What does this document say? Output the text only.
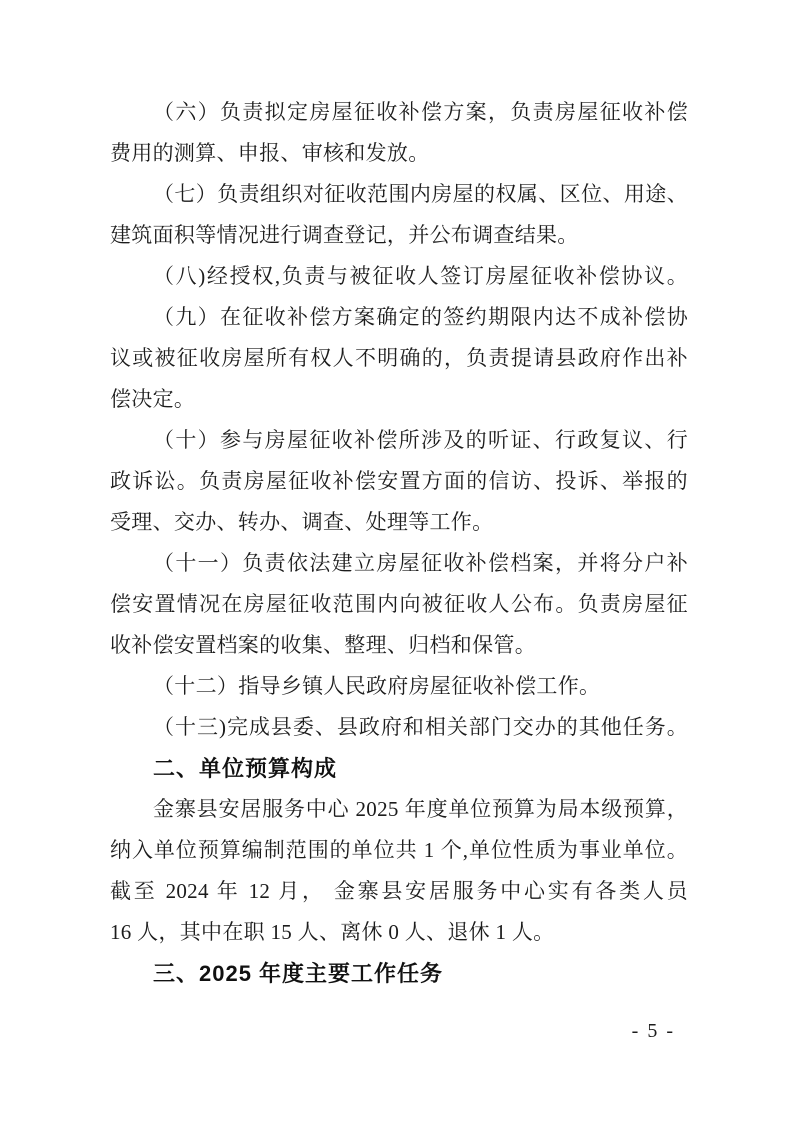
（六）负责拟定房屋征收补偿方案，负责房屋征收补偿
费用的测算、申报、审核和发放。
（七）负责组织对征收范围内房屋的权属、区位、用途、
建筑面积等情况进行调查登记，并公布调查结果。
（八)经授权,负责与被征收人签订房屋征收补偿协议。
（九）在征收补偿方案确定的签约期限内达不成补偿协
议或被征收房屋所有权人不明确的，负责提请县政府作出补
偿决定。
（十）参与房屋征收补偿所涉及的听证、行政复议、行
政诉讼。负责房屋征收补偿安置方面的信访、投诉、举报的
受理、交办、转办、调查、处理等工作。
（十一）负责依法建立房屋征收补偿档案，并将分户补
偿安置情况在房屋征收范围内向被征收人公布。负责房屋征
收补偿安置档案的收集、整理、归档和保管。
（十二）指导乡镇人民政府房屋征收补偿工作。
（十三)完成县委、县政府和相关部门交办的其他任务。
二、单位预算构成
金寨县安居服务中心 2025 年度单位预算为局本级预算，
纳入单位预算编制范围的单位共 1 个,单位性质为事业单位。
截至 2024 年 12 月， 金寨县安居服务中心实有各类人员
16 人，其中在职 15 人、离休 0 人、退休 1 人。
三、2025 年度主要工作任务
- 5 -
